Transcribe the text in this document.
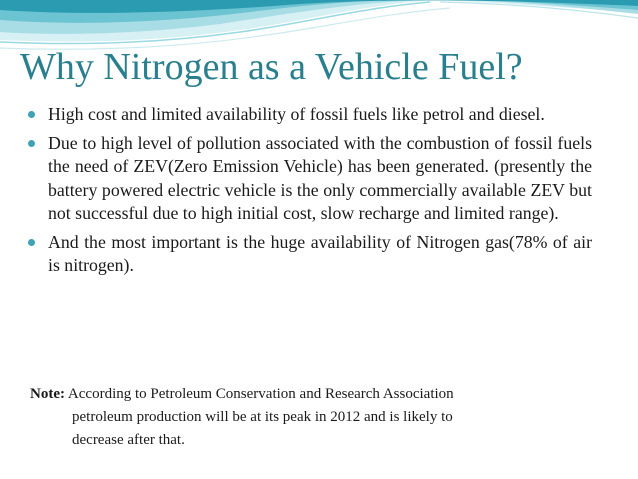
Why Nitrogen as a Vehicle Fuel?
High cost and limited availability of fossil fuels like petrol and diesel.
Due to high level of pollution associated with the combustion of fossil fuels the need of ZEV(Zero Emission Vehicle) has been generated. (presently the battery powered electric vehicle is the only commercially available ZEV but not successful due to high initial cost, slow recharge and limited range).
And the most important is the huge availability of Nitrogen gas(78% of air is nitrogen).
Note: According to Petroleum Conservation and Research Association
petroleum production will be at its peak in 2012 and is likely to
decrease after that.
